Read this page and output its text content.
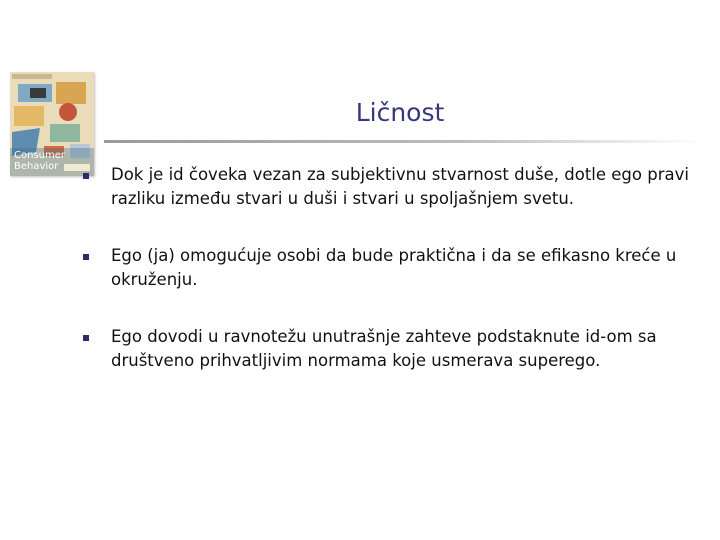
Consumer
Behavior
Ličnost
Dok je id čoveka vezan za subjektivnu stvarnost duše, dotle ego pravi razliku između stvari u duši i stvari u spoljašnjem svetu.
Ego (ja) omogućuje osobi da bude praktična i da se efikasno kreće u okruženju.
Ego dovodi u ravnotežu unutrašnje zahteve podstaknute id-om sa društveno prihvatljivim normama koje usmerava superego.
